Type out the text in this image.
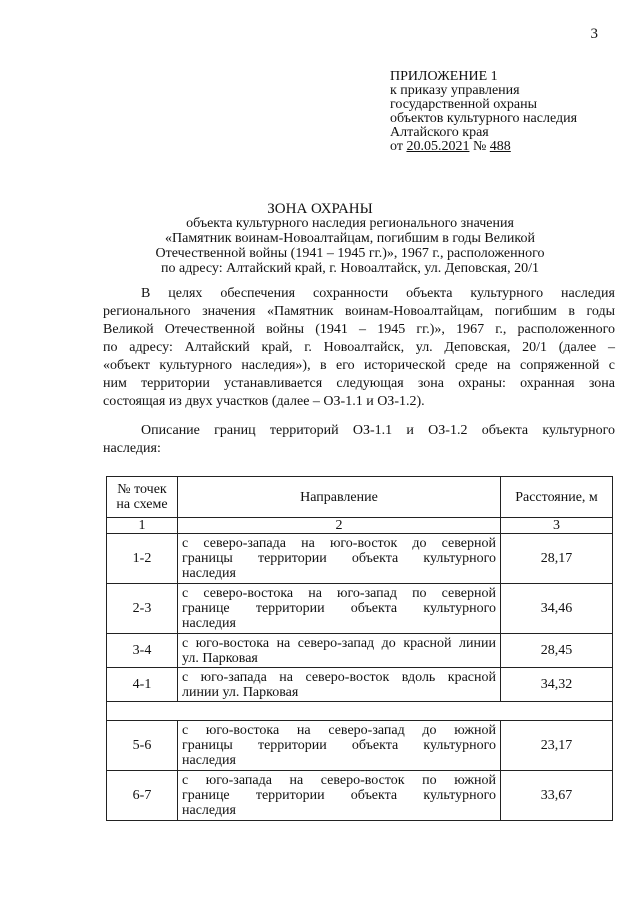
3
ПРИЛОЖЕНИЕ 1
к приказу управления
государственной охраны
объектов культурного наследия
Алтайского края
от 20.05.2021 № 488
ЗОНА ОХРАНЫ
объекта культурного наследия регионального значения
«Памятник воинам-Новоалтайцам, погибшим в годы Великой
Отечественной войны (1941 – 1945 гг.)», 1967 г., расположенного
по адресу: Алтайский край, г. Новоалтайск, ул. Деповская, 20/1
В целях обеспечения сохранности объекта культурного наследия
регионального значения «Памятник воинам-Новоалтайцам, погибшим в годы
Великой Отечественной войны (1941 – 1945 гг.)», 1967 г., расположенного
по адресу: Алтайский край, г. Новоалтайск, ул. Деповская, 20/1 (далее –
«объект культурного наследия»), в его исторической среде на сопряженной с
ним территории устанавливается следующая зона охраны: охранная зона
состоящая из двух участков (далее – ОЗ-1.1 и ОЗ-1.2).
Описание границ территорий ОЗ-1.1 и ОЗ-1.2 объекта культурного
наследия:
№ точек
на схеме	Направление	Расстояние, м
1	2	3
1-2	с северо-запада на юго-восток до северной
границы территории объекта культурного
наследия	28,17
2-3	с северо-востока на юго-запад по северной
границе территории объекта культурного
наследия	34,46
3-4	с юго-востока на северо-запад до красной линии
ул. Парковая	28,45
4-1	с юго-запада на северо-восток вдоль красной
линии ул. Парковая	34,32

5-6	с юго-востока на северо-запад до южной
границы территории объекта культурного
наследия	23,17
6-7	с юго-запада на северо-восток по южной
границе территории объекта культурного
наследия	33,67
